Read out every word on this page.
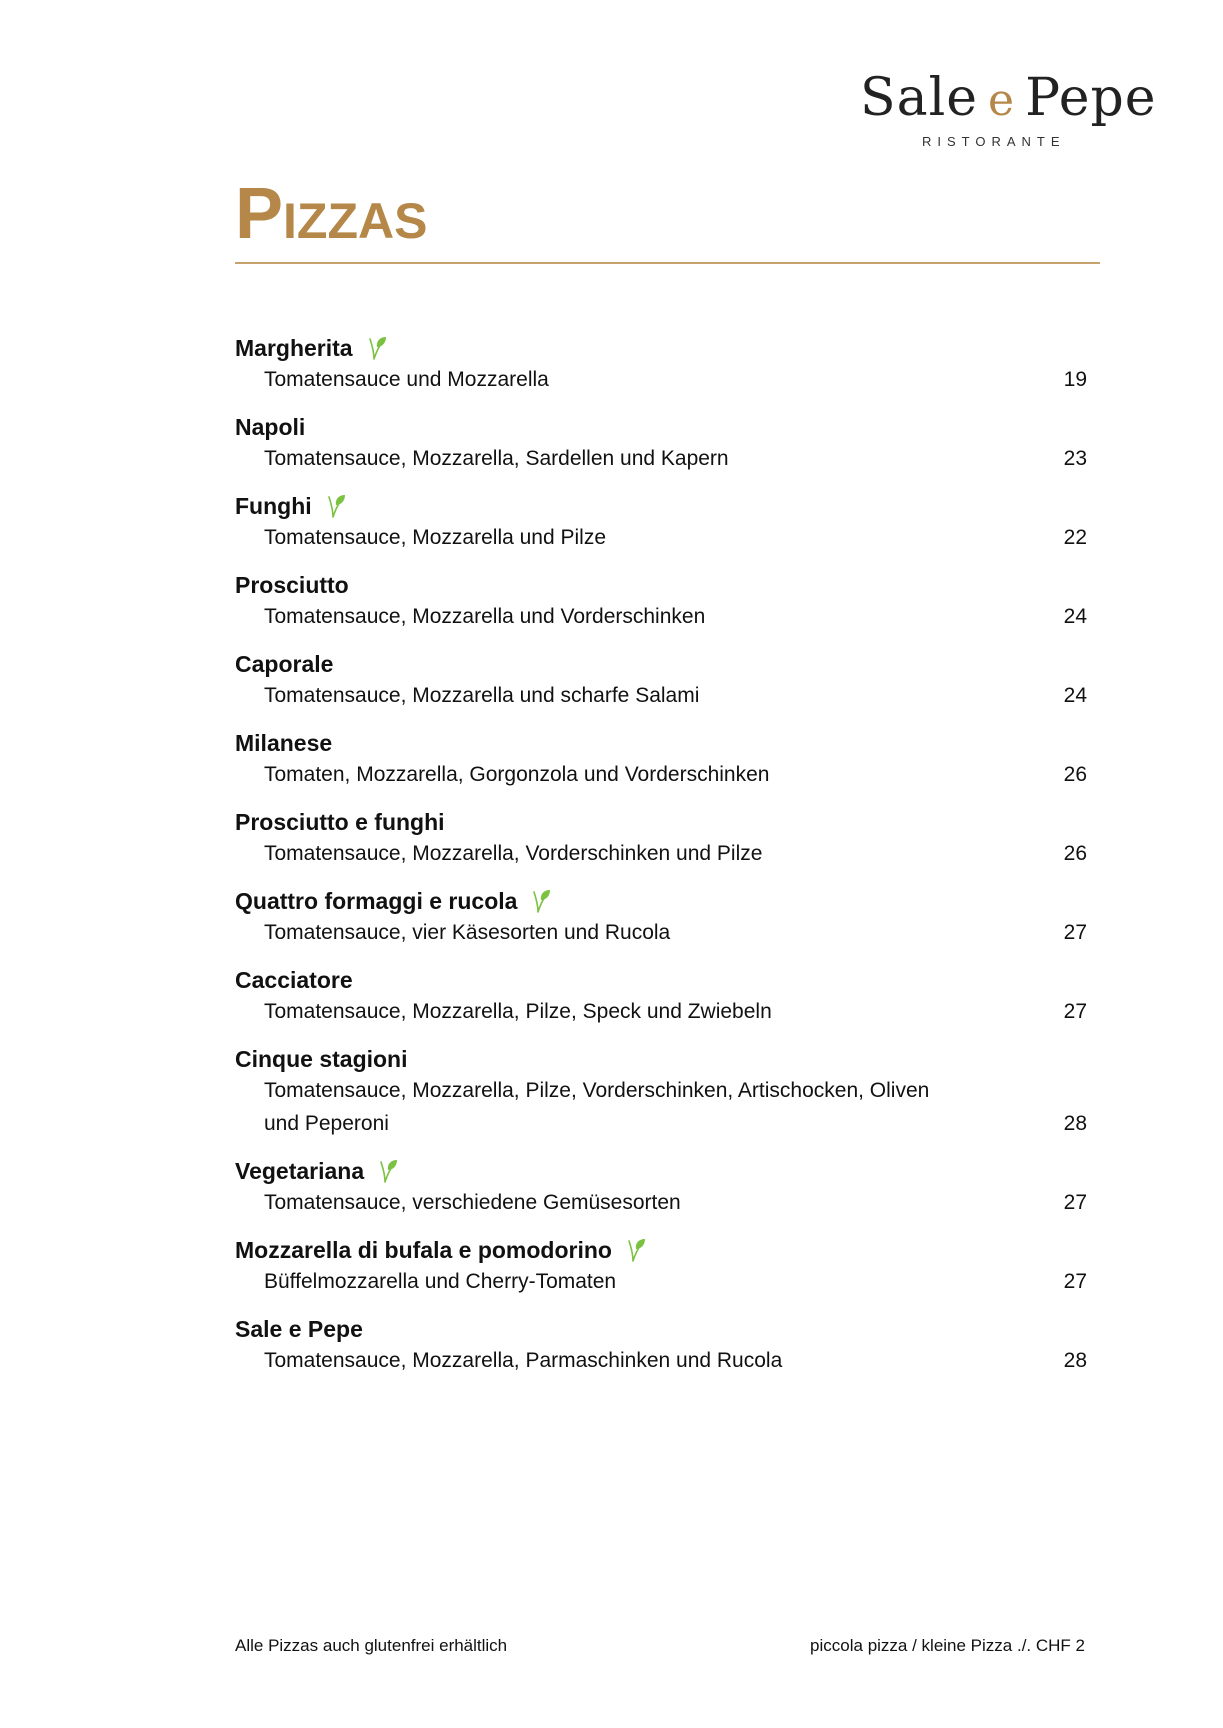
Sale e Pepe
RISTORANTE
Pizzas
Margherita
Tomatensauce und Mozzarella	19
Napoli
Tomatensauce, Mozzarella, Sardellen und Kapern	23
Funghi
Tomatensauce, Mozzarella und Pilze	22
Prosciutto
Tomatensauce, Mozzarella und Vorderschinken	24
Caporale
Tomatensauce, Mozzarella und scharfe Salami	24
Milanese
Tomaten, Mozzarella, Gorgonzola und Vorderschinken	26
Prosciutto e funghi
Tomatensauce, Mozzarella, Vorderschinken und Pilze	26
Quattro formaggi e rucola
Tomatensauce, vier Käsesorten und Rucola	27
Cacciatore
Tomatensauce, Mozzarella, Pilze, Speck und Zwiebeln	27
Cinque stagioni
Tomatensauce, Mozzarella, Pilze, Vorderschinken, Artischocken, Oliven und Peperoni	28
Vegetariana
Tomatensauce, verschiedene Gemüsesorten	27
Mozzarella di bufala e pomodorino
Büffelmozzarella und Cherry-Tomaten	27
Sale e Pepe
Tomatensauce, Mozzarella, Parmaschinken und Rucola	28
Alle Pizzas auch glutenfrei erhältlich	piccola pizza / kleine Pizza ./. CHF 2
